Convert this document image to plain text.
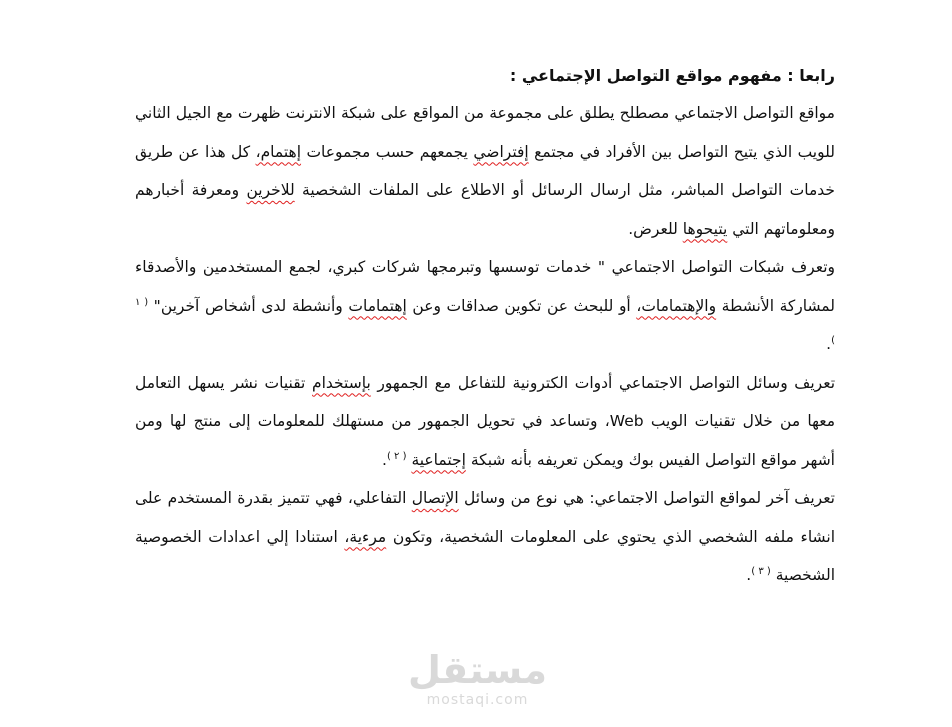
رابعا : مفهوم مواقع التواصل الإجتماعي :

مواقع التواصل الاجتماعي مصطلح يطلق على مجموعة من المواقع على شبكة الانترنت ظهرت مع الجيل الثاني للويب الذي يتيح التواصل بين الأفراد في مجتمع إفتراضي يجمعهم حسب مجموعات إهتمام، كل هذا عن طريق خدمات التواصل المباشر، مثل ارسال الرسائل أو الاطلاع على الملفات الشخصية للاخرين ومعرفة أخبارهم ومعلوماتهم التي يتيحوها للعرض.

وتعرف شبكات التواصل الاجتماعي " خدمات توسسها وتبرمجها شركات كبري، لجمع المستخدمين والأصدقاء لمشاركة الأنشطة والإهتمامات، أو للبحث عن تكوين صداقات وعن إهتمامات وأنشطة لدى أشخاص آخرين" $^{( ١ )}$.

تعريف وسائل التواصل الاجتماعي أدوات الكترونية للتفاعل مع الجمهور بإستخدام تقنيات نشر يسهل التعامل معها من خلال تقنيات الويب Web، وتساعد في تحويل الجمهور من مستهلك للمعلومات إلى منتج لها ومن أشهر مواقع التواصل الفيس بوك ويمكن تعريفه بأنه شبكة إجتماعية $^{( ٢ )}$.

تعريف آخر لمواقع التواصل الاجتماعي: هي نوع من وسائل الإتصال التفاعلي، فهي تتميز بقدرة المستخدم على انشاء ملفه الشخصي الذي يحتوي على المعلومات الشخصية، وتكون مرءية، استنادا إلي اعدادات الخصوصية الشخصية $^{( ٣ )}$.

مستقل
mostaqi.com
